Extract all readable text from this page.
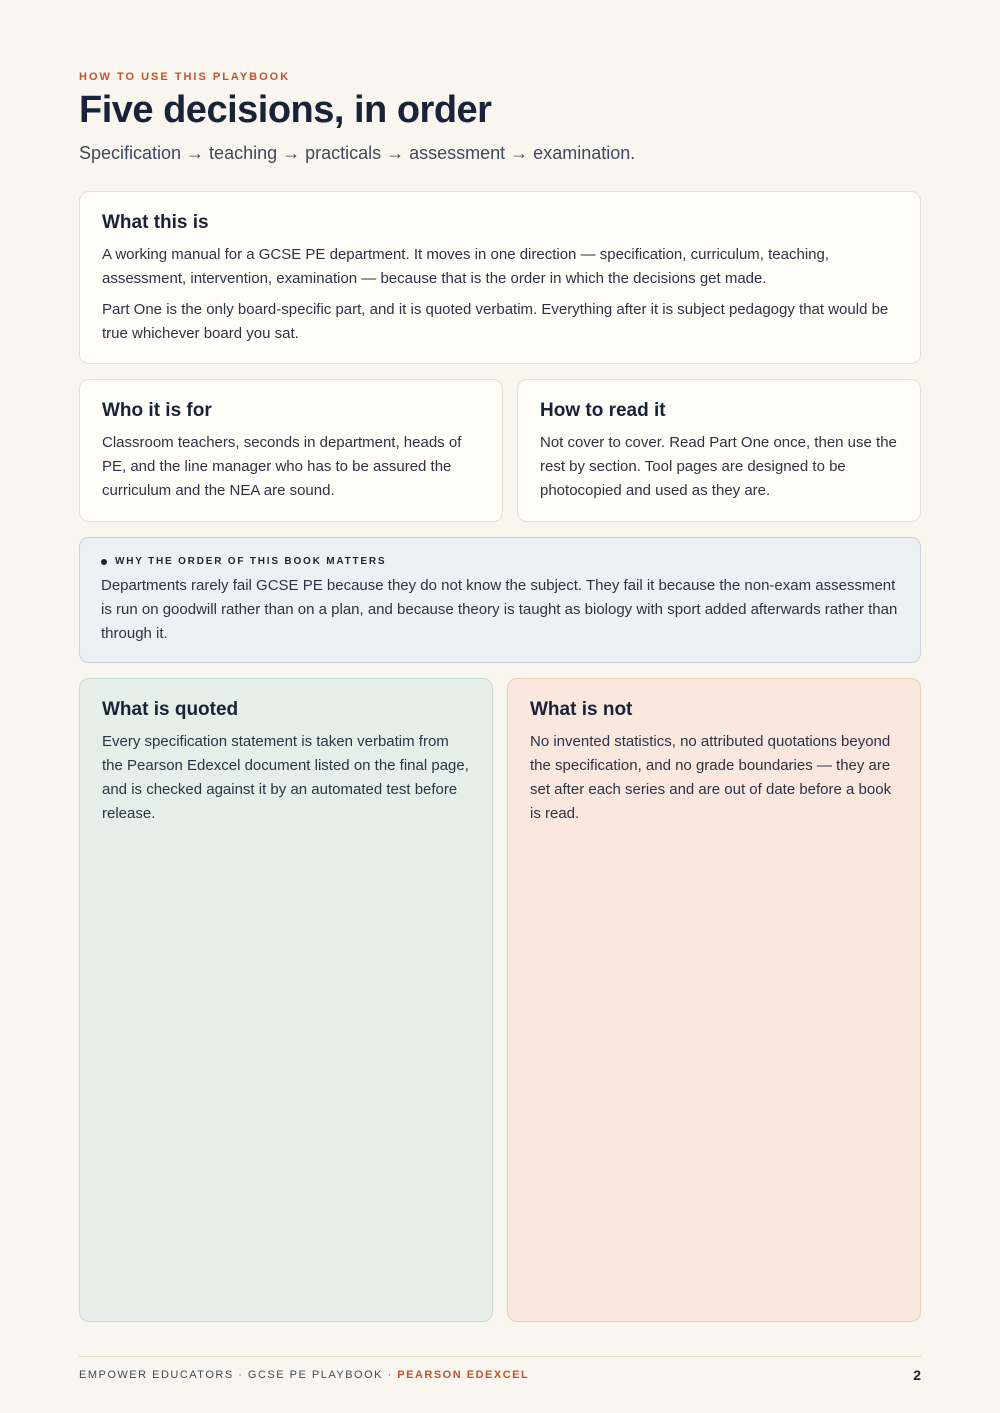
HOW TO USE THIS PLAYBOOK
Five decisions, in order
Specification → teaching → practicals → assessment → examination.
What this is

A working manual for a GCSE PE department. It moves in one direction — specification, curriculum, teaching, assessment, intervention, examination — because that is the order in which the decisions get made.

Part One is the only board-specific part, and it is quoted verbatim. Everything after it is subject pedagogy that would be true whichever board you sat.

Who it is for

Classroom teachers, seconds in department, heads of PE, and the line manager who has to be assured the curriculum and the NEA are sound.

How to read it

Not cover to cover. Read Part One once, then use the rest by section. Tool pages are designed to be photocopied and used as they are.

WHY THE ORDER OF THIS BOOK MATTERS

Departments rarely fail GCSE PE because they do not know the subject. They fail it because the non-exam assessment is run on goodwill rather than on a plan, and because theory is taught as biology with sport added afterwards rather than through it.

What is quoted

Every specification statement is taken verbatim from the Pearson Edexcel document listed on the final page, and is checked against it by an automated test before release.

What is not

No invented statistics, no attributed quotations beyond the specification, and no grade boundaries — they are set after each series and are out of date before a book is read.

EMPOWER EDUCATORS · GCSE PE PLAYBOOK · PEARSON EDEXCEL	2
